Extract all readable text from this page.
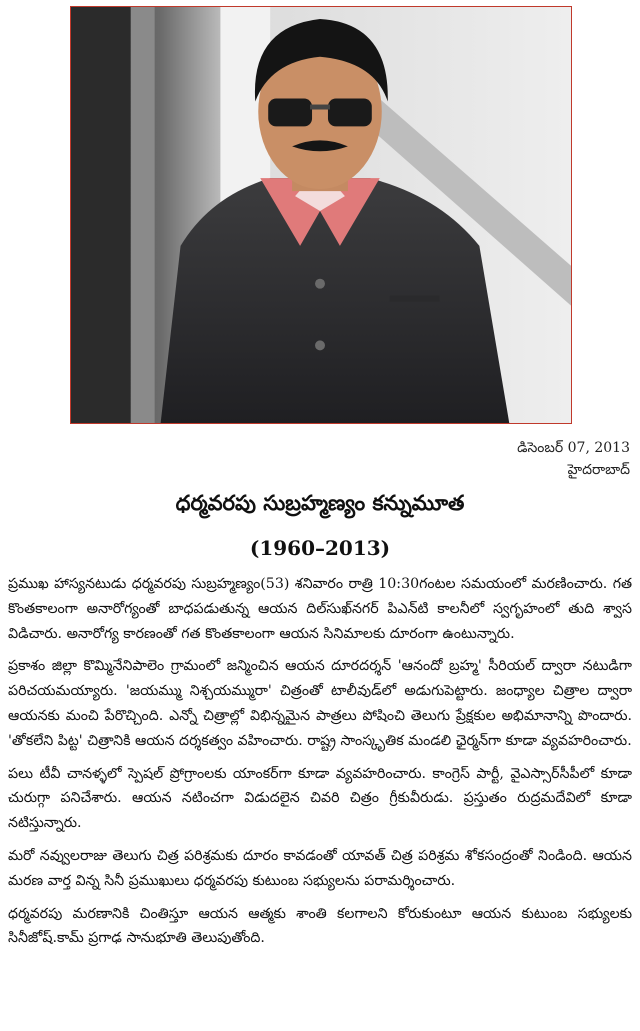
డిసెంబర్ 07, 2013
హైదరాబాద్
ధర్మవరపు సుబ్రహ్మణ్యం కన్నుమూత
(1960–2013)

ప్రముఖ హాస్యనటుడు ధర్మవరపు సుబ్రహ్మణ్యం(53) శనివారం రాత్రి 10:30గంటల సమయంలో మరణించారు. గత కొంతకాలంగా అనారోగ్యంతో బాధపడుతున్న ఆయన దిల్‌సుఖ్‌నగర్ పిఎన్‌టి కాలనీలో స్వగృహంలో తుది శ్వాస విడిచారు. అనారోగ్య కారణంతో గత కొంతకాలంగా ఆయన సినిమాలకు దూరంగా ఉంటున్నారు.

ప్రకాశం జిల్లా కొమ్మినేనిపాలెం గ్రామంలో జన్మించిన ఆయన దూరదర్శన్ 'ఆనందో బ్రహ్మ' సీరియల్ ద్వారా నటుడిగా పరిచయమయ్యారు. 'జయమ్ము నిశ్చయమ్మురా' చిత్రంతో టాలీవుడ్‌లో అడుగుపెట్టారు. జంధ్యాల చిత్రాల ద్వారా ఆయనకు మంచి పేరొచ్చింది. ఎన్నో చిత్రాల్లో విభిన్నమైన పాత్రలు పోషించి తెలుగు ప్రేక్షకుల అభిమానాన్ని పొందారు. 'తోకలేని పిట్ట' చిత్రానికి ఆయన దర్శకత్వం వహించారు. రాష్ట్ర సాంస్కృతిక మండలి ఛైర్మన్‌గా కూడా వ్యవహరించారు.

పలు టీవీ చానళ్ళలో స్పెషల్ ప్రోగ్రాంలకు యాంకర్‌గా కూడా వ్యవహరించారు. కాంగ్రెస్ పార్టీ, వైఎస్సార్‌సీపీలో కూడా చురుగ్గా పనిచేశారు. ఆయన నటించగా విడుదలైన చివరి చిత్రం గ్రీకువీరుడు. ప్రస్తుతం రుద్రమదేవిలో కూడా నటిస్తున్నారు.

మరో నవ్వులరాజు తెలుగు చిత్ర పరిశ్రమకు దూరం కావడంతో యావత్ చిత్ర పరిశ్రమ శోకసంద్రంతో నిండింది. ఆయన మరణ వార్త విన్న సినీ ప్రముఖులు ధర్మవరపు కుటుంబ సభ్యులను పరామర్శించారు.

ధర్మవరపు మరణానికి చింతిస్తూ ఆయన ఆత్మకు శాంతి కలగాలని కోరుకుంటూ ఆయన కుటుంబ సభ్యులకు సినీజోష్.కామ్ ప్రగాఢ సానుభూతి తెలుపుతోంది.
